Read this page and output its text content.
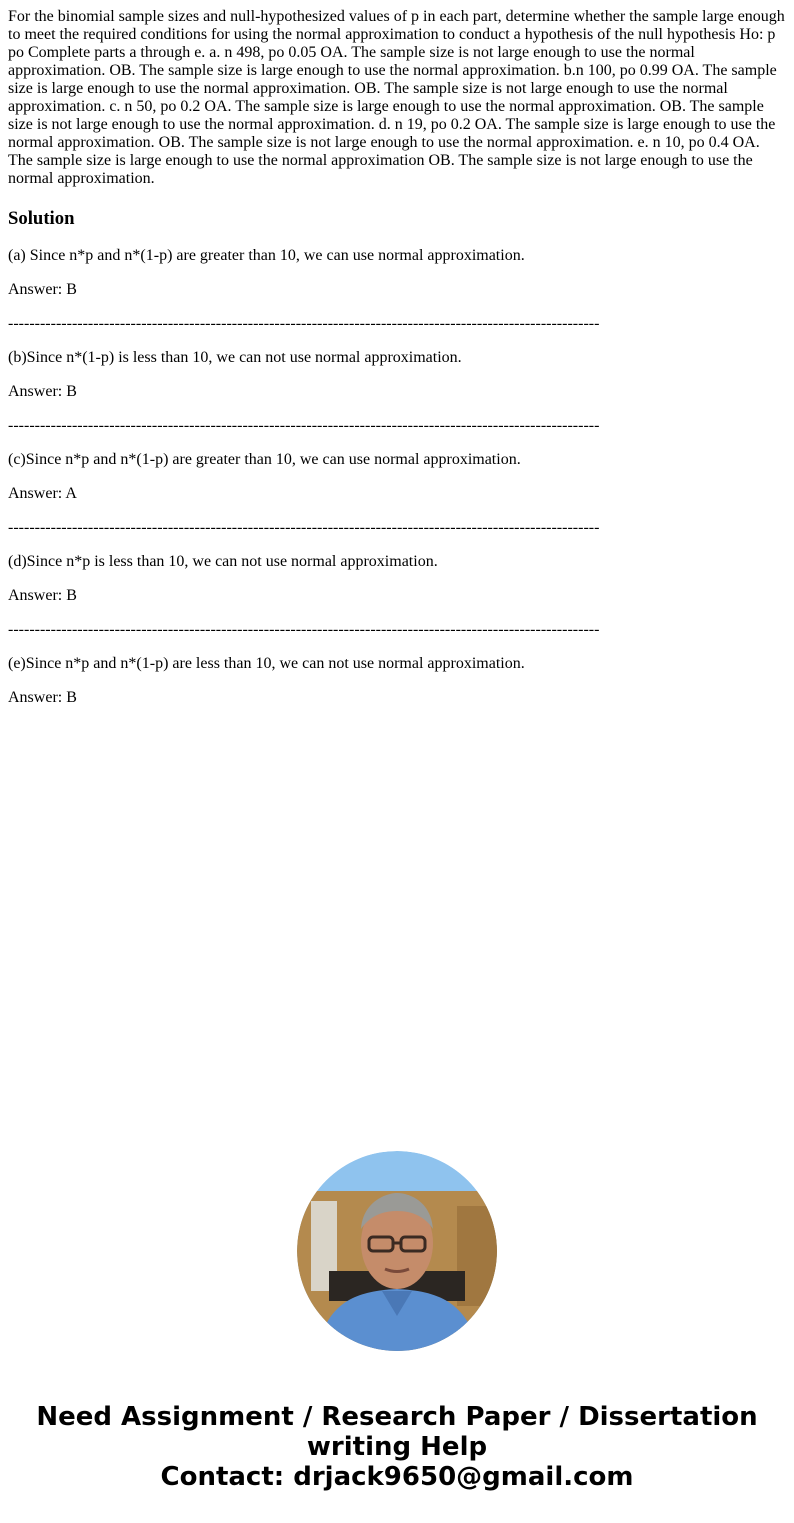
For the binomial sample sizes and null-hypothesized values of p in each part, determine whether the sample large enough to meet the required conditions for using the normal approximation to conduct a hypothesis of the null hypothesis Ho: p po Complete parts a through e. a. n 498, po 0.05 OA. The sample size is not large enough to use the normal approximation. OB. The sample size is large enough to use the normal approximation. b.n 100, po 0.99 OA. The sample size is large enough to use the normal approximation. OB. The sample size is not large enough to use the normal approximation. c. n 50, po 0.2 OA. The sample size is large enough to use the normal approximation. OB. The sample size is not large enough to use the normal approximation. d. n 19, po 0.2 OA. The sample size is large enough to use the normal approximation. OB. The sample size is not large enough to use the normal approximation. e. n 10, po 0.4 OA. The sample size is large enough to use the normal approximation OB. The sample size is not large enough to use the normal approximation.

Solution

(a) Since n*p and n*(1-p) are greater than 10, we can use normal approximation.

Answer: B

---------------------------------------------------------------------------------------------------------------

(b)Since n*(1-p) is less than 10, we can not use normal approximation.

Answer: B

---------------------------------------------------------------------------------------------------------------

(c)Since n*p and n*(1-p) are greater than 10, we can use normal approximation.

Answer: A

---------------------------------------------------------------------------------------------------------------

(d)Since n*p is less than 10, we can not use normal approximation.

Answer: B

---------------------------------------------------------------------------------------------------------------

(e)Since n*p and n*(1-p) are less than 10, we can not use normal approximation.

Answer: B

Need Assignment / Research Paper / Dissertation
writing Help
Contact: drjack9650@gmail.com
